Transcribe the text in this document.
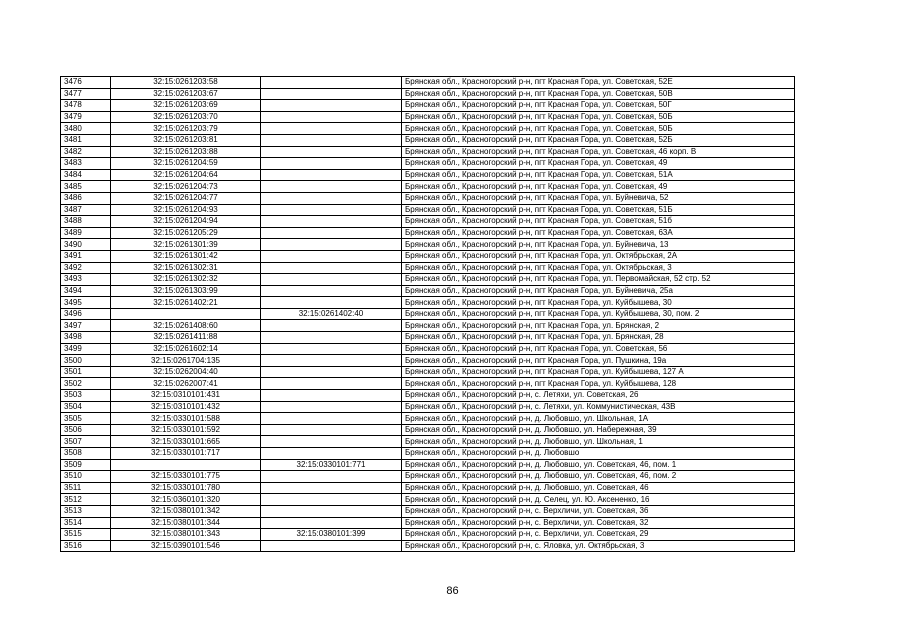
3476	32:15:0261203:58		Брянская обл., Красногорский р-н, пгт Красная Гора, ул. Советская, 52Е
3477	32:15:0261203:67		Брянская обл., Красногорский р-н, пгт Красная Гора, ул. Советская, 50В
3478	32:15:0261203:69		Брянская обл., Красногорский р-н, пгт Красная Гора, ул. Советская, 50Г
3479	32:15:0261203:70		Брянская обл., Красногорский р-н, пгт Красная Гора, ул. Советская, 50Б
3480	32:15:0261203:79		Брянская обл., Красногорский р-н, пгт Красная Гора, ул. Советская, 50Б
3481	32:15:0261203:81		Брянская обл., Красногорский р-н, пгт Красная Гора, ул. Советская, 52Б
3482	32:15:0261203:88		Брянская обл., Красногорский р-н, пгт Красная Гора, ул. Советская, 46 корп. В
3483	32:15:0261204:59		Брянская обл., Красногорский р-н, пгт Красная Гора, ул. Советская, 49
3484	32:15:0261204:64		Брянская обл., Красногорский р-н, пгт Красная Гора, ул. Советская, 51А
3485	32:15:0261204:73		Брянская обл., Красногорский р-н, пгт Красная Гора, ул. Советская, 49
3486	32:15:0261204:77		Брянская обл., Красногорский р-н, пгт Красная Гора, ул. Буйневича, 52
3487	32:15:0261204:93		Брянская обл., Красногорский р-н, пгт Красная Гора, ул. Советская, 51Б
3488	32:15:0261204:94		Брянская обл., Красногорский р-н, пгт Красная Гора, ул. Советская, 51б
3489	32:15:0261205:29		Брянская обл., Красногорский р-н, пгт Красная Гора, ул. Советская, 63А
3490	32:15:0261301:39		Брянская обл., Красногорский р-н, пгт Красная Гора, ул. Буйневича, 13
3491	32:15:0261301:42		Брянская обл., Красногорский р-н, пгт Красная Гора, ул. Октябрьская, 2А
3492	32:15:0261302:31		Брянская обл., Красногорский р-н, пгт Красная Гора, ул. Октябрьская, 3
3493	32:15:0261302:32		Брянская обл., Красногорский р-н, пгт Красная Гора, ул. Первомайская, 52 стр. 52
3494	32:15:0261303:99		Брянская обл., Красногорский р-н, пгт Красная Гора, ул. Буйневича, 25а
3495	32:15:0261402:21		Брянская обл., Красногорский р-н, пгт Красная Гора, ул. Куйбышева, 30
3496		32:15:0261402:40	Брянская обл., Красногорский р-н, пгт Красная Гора, ул. Куйбышева, 30, пом. 2
3497	32:15:0261408:60		Брянская обл., Красногорский р-н, пгт Красная Гора, ул. Брянская, 2
3498	32:15:0261411:88		Брянская обл., Красногорский р-н, пгт Красная Гора, ул. Брянская, 28
3499	32:15:0261602:14		Брянская обл., Красногорский р-н, пгт Красная Гора, ул. Советская, 56
3500	32:15:0261704:135		Брянская обл., Красногорский р-н, пгт Красная Гора, ул. Пушкина, 19а
3501	32:15:0262004:40		Брянская обл., Красногорский р-н, пгт Красная Гора, ул. Куйбышева, 127 А
3502	32:15:0262007:41		Брянская обл., Красногорский р-н, пгт Красная Гора, ул. Куйбышева, 128
3503	32:15:0310101:431		Брянская обл., Красногорский р-н, с. Летяхи, ул. Советская, 26
3504	32:15:0310101:432		Брянская обл., Красногорский р-н, с. Летяхи, ул. Коммунистическая, 43В
3505	32:15:0330101:588		Брянская обл., Красногорский р-н, д. Любовшо, ул. Школьная, 1А
3506	32:15:0330101:592		Брянская обл., Красногорский р-н, д. Любовшо, ул. Набережная, 39
3507	32:15:0330101:665		Брянская обл., Красногорский р-н, д. Любовшо, ул. Школьная, 1
3508	32:15:0330101:717		Брянская обл., Красногорский р-н, д. Любовшо
3509		32:15:0330101:771	Брянская обл., Красногорский р-н, д. Любовшо, ул. Советская, 46, пом. 1
3510	32:15:0330101:775		Брянская обл., Красногорский р-н, д. Любовшо, ул. Советская, 46, пом. 2
3511	32:15:0330101:780		Брянская обл., Красногорский р-н, д. Любовшо, ул. Советская, 46
3512	32:15:0360101:320		Брянская обл., Красногорский р-н, д. Селец, ул. Ю. Аксененко, 16
3513	32:15:0380101:342		Брянская обл., Красногорский р-н, с. Верхличи, ул. Советская, 36
3514	32:15:0380101:344		Брянская обл., Красногорский р-н, с. Верхличи, ул. Советская, 32
3515	32:15:0380101:343	32:15:0380101:399	Брянская обл., Красногорский р-н, с. Верхличи, ул. Советская, 29
3516	32:15:0390101:546		Брянская обл., Красногорский р-н, с. Яловка, ул. Октябрьская, 3
86
